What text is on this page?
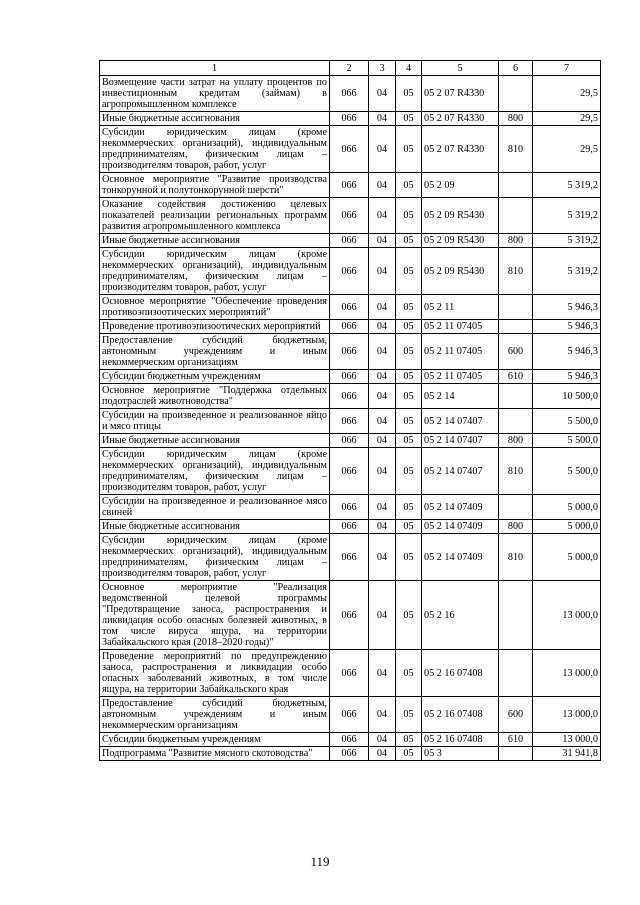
1	2	3	4	5	6	7
Возмещение части затрат на уплату процентов по инвестиционным кредитам (займам) в агропромышленном комплексе	066	04	05	05 2 07 R4330		29,5
Иные бюджетные ассигнования	066	04	05	05 2 07 R4330	800	29,5
Субсидии юридическим лицам (кроме некоммерческих организаций), индивидуальным предпринимателям, физическим лицам – производителям товаров, работ, услуг	066	04	05	05 2 07 R4330	810	29,5
Основное мероприятие "Развитие производства тонкорунной и полутонкорунной шерсти"	066	04	05	05 2 09		5 319,2
Оказание содействия достижению целевых показателей реализации региональных программ развития агропромышленного комплекса	066	04	05	05 2 09 R5430		5 319,2
Иные бюджетные ассигнования	066	04	05	05 2 09 R5430	800	5 319,2
Субсидии юридическим лицам (кроме некоммерческих организаций), индивидуальным предпринимателям, физическим лицам – производителям товаров, работ, услуг	066	04	05	05 2 09 R5430	810	5 319,2
Основное мероприятие "Обеспечение проведения противоэпизоотических мероприятий"	066	04	05	05 2 11		5 946,3
Проведение противоэпизоотических мероприятий	066	04	05	05 2 11 07405		5 946,3
Предоставление субсидий бюджетным, автономным учреждениям и иным некоммерческим организациям	066	04	05	05 2 11 07405	600	5 946,3
Субсидии бюджетным учреждениям	066	04	05	05 2 11 07405	610	5 946,3
Основное мероприятие "Поддержка отдельных подотраслей животноводства"	066	04	05	05 2 14		10 500,0
Субсидии на произведенное и реализованное яйцо и мясо птицы	066	04	05	05 2 14 07407		5 500,0
Иные бюджетные ассигнования	066	04	05	05 2 14 07407	800	5 500,0
Субсидии юридическим лицам (кроме некоммерческих организаций), индивидуальным предпринимателям, физическим лицам – производителям товаров, работ, услуг	066	04	05	05 2 14 07407	810	5 500,0
Субсидии на произведенное и реализованное мясо свиней	066	04	05	05 2 14 07409		5 000,0
Иные бюджетные ассигнования	066	04	05	05 2 14 07409	800	5 000,0
Субсидии юридическим лицам (кроме некоммерческих организаций), индивидуальным предпринимателям, физическим лицам – производителям товаров, работ, услуг	066	04	05	05 2 14 07409	810	5 000,0
Основное мероприятие "Реализация ведомственной целевой программы "Предотвращение заноса, распространения и ликвидация особо опасных болезней животных, в том числе вируса ящура, на территории Забайкальского края (2018–2020 годы)"	066	04	05	05 2 16		13 000,0
Проведение мероприятий по предупреждению заноса, распространения и ликвидации особо опасных заболеваний животных, в том числе ящура, на территории Забайкальского края	066	04	05	05 2 16 07408		13 000,0
Предоставление субсидий бюджетным, автономным учреждениям и иным некоммерческим организациям	066	04	05	05 2 16 07408	600	13 000,0
Субсидии бюджетным учреждениям	066	04	05	05 2 16 07408	610	13 000,0
Подпрограмма "Развитие мясного скотоводства"	066	04	05	05 3		31 941,8
119
